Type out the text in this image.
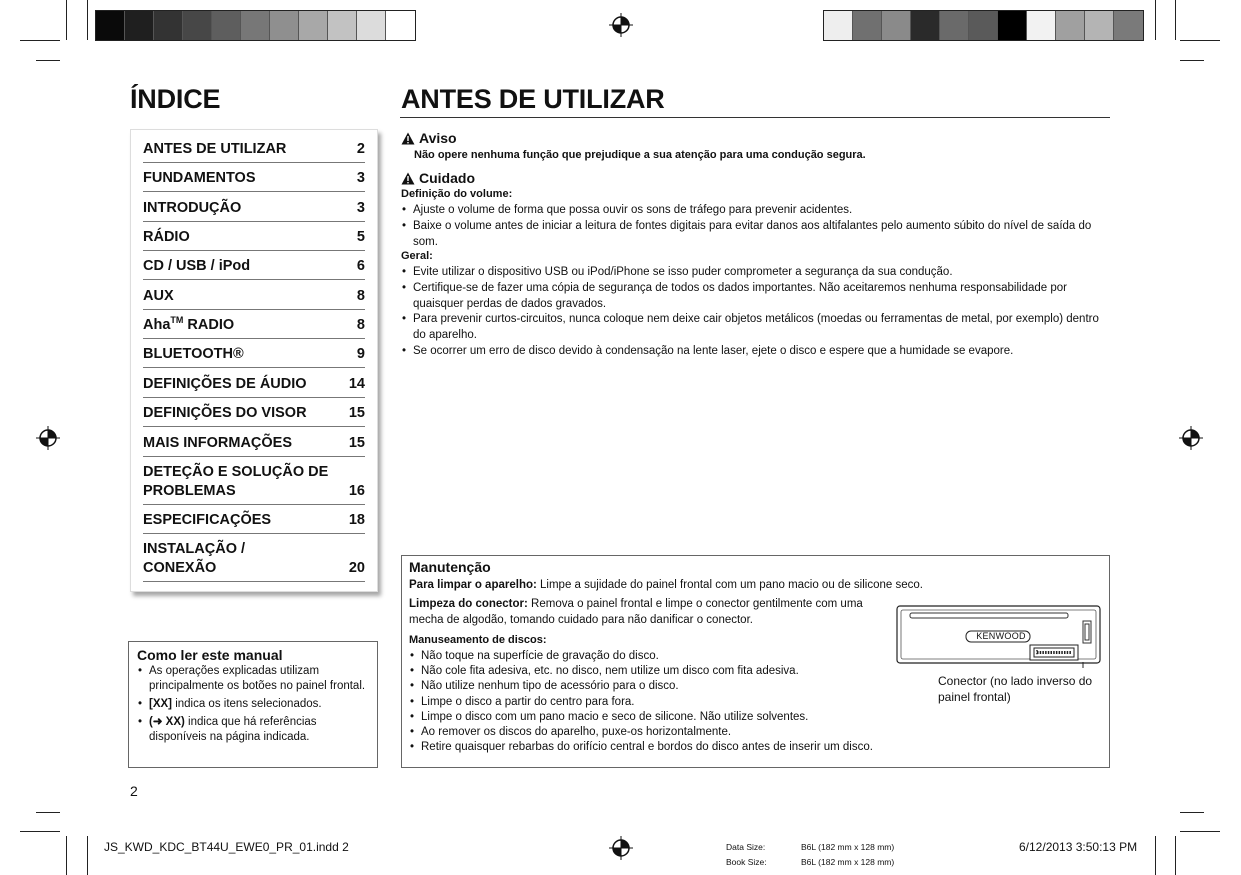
ÍNDICE	ANTES DE UTILIZAR
ANTES DE UTILIZAR	2
FUNDAMENTOS	3
INTRODUÇÃO	3
RÁDIO	5
CD / USB / iPod	6
AUX	8
Aha™ RADIO	8
BLUETOOTH®	9
DEFINIÇÕES DE ÁUDIO	14
DEFINIÇÕES DO VISOR	15
MAIS INFORMAÇÕES	15
DETEÇÃO E SOLUÇÃO DE
PROBLEMAS	16
ESPECIFICAÇÕES	18
INSTALAÇÃO /
CONEXÃO	20
Como ler este manual
• As operações explicadas utilizam principalmente os botões no painel frontal.
• [XX] indica os itens selecionados.
• (➜ XX) indica que há referências disponíveis na página indicada.
2
Aviso
Não opere nenhuma função que prejudique a sua atenção para uma condução segura.
Cuidado
Definição do volume:
• Ajuste o volume de forma que possa ouvir os sons de tráfego para prevenir acidentes.
• Baixe o volume antes de iniciar a leitura de fontes digitais para evitar danos aos altifalantes pelo aumento súbito do nível de saída do som.
Geral:
• Evite utilizar o dispositivo USB ou iPod/iPhone se isso puder comprometer a segurança da sua condução.
• Certifique-se de fazer uma cópia de segurança de todos os dados importantes. Não aceitaremos nenhuma responsabilidade por quaisquer perdas de dados gravados.
• Para prevenir curtos-circuitos, nunca coloque nem deixe cair objetos metálicos (moedas ou ferramentas de metal, por exemplo) dentro do aparelho.
• Se ocorrer um erro de disco devido à condensação na lente laser, ejete o disco e espere que a humidade se evapore.
Manutenção
Para limpar o aparelho: Limpe a sujidade do painel frontal com um pano macio ou de silicone seco.
Limpeza do conector: Remova o painel frontal e limpe o conector gentilmente com uma mecha de algodão, tomando cuidado para não danificar o conector.
Manuseamento de discos:
• Não toque na superfície de gravação do disco.
• Não cole fita adesiva, etc. no disco, nem utilize um disco com fita adesiva.
• Não utilize nenhum tipo de acessório para o disco.
• Limpe o disco a partir do centro para fora.
• Limpe o disco com um pano macio e seco de silicone. Não utilize solventes.
• Ao remover os discos do aparelho, puxe-os horizontalmente.
• Retire quaisquer rebarbas do orifício central e bordos do disco antes de inserir um disco.
KENWOOD
Conector (no lado inverso do painel frontal)
JS_KWD_KDC_BT44U_EWE0_PR_01.indd 2	Data Size:	B6L (182 mm x 128 mm)
Book Size:	B6L (182 mm x 128 mm)
6/12/2013 3:50:13 PM
